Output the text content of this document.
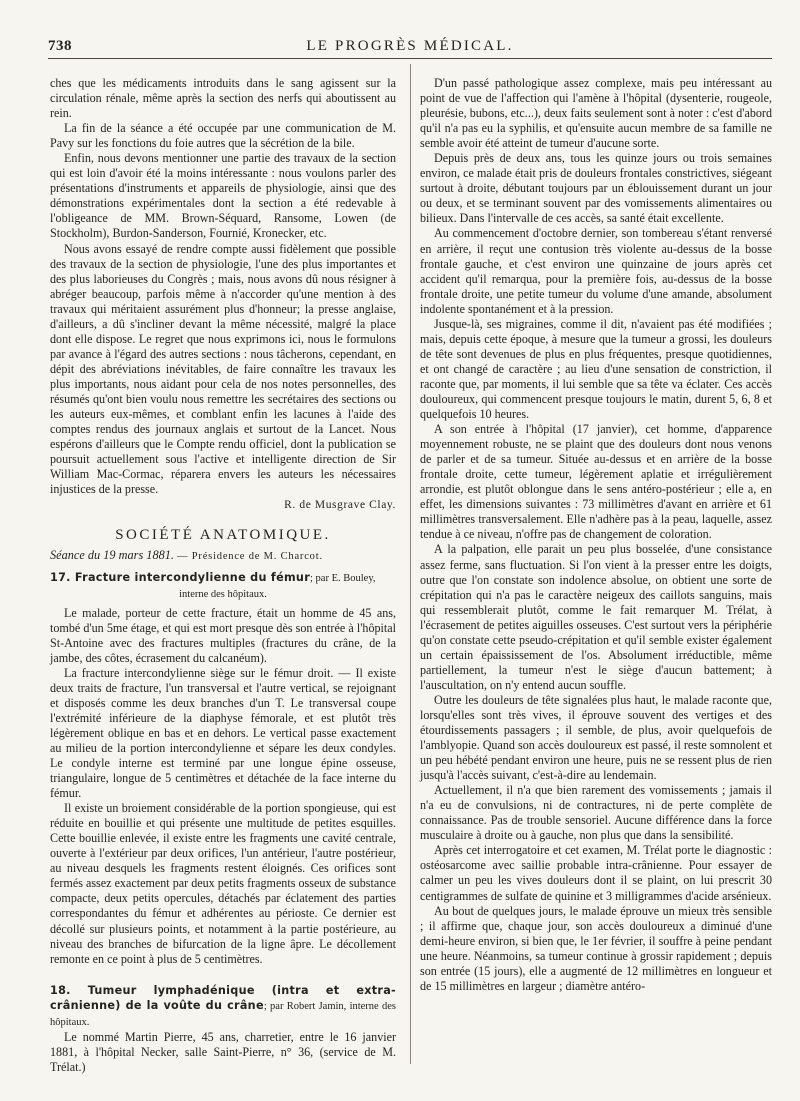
738	LE PROGRÈS MÉDICAL.

ches que les médicaments introduits dans le sang agissent sur la circulation rénale, même après la section des nerfs qui aboutissent au rein.

La fin de la séance a été occupée par une communication de M. Pavy sur les fonctions du foie autres que la sécrétion de la bile.

Enfin, nous devons mentionner une partie des travaux de la section qui est loin d'avoir été la moins intéressante : nous voulons parler des présentations d'instruments et appareils de physiologie, ainsi que des démonstrations expérimentales dont la section a été redevable à l'obligeance de MM. Brown-Séquard, Ransome, Lowen (de Stockholm), Burdon-Sanderson, Fournié, Kronecker, etc.

Nous avons essayé de rendre compte aussi fidèlement que possible des travaux de la section de physiologie, l'une des plus importantes et des plus laborieuses du Congrès ; mais, nous avons dû nous résigner à abréger beaucoup, parfois même à n'accorder qu'une mention à des travaux qui méritaient assurément plus d'honneur; la presse anglaise, d'ailleurs, a dû s'incliner devant la même nécessité, malgré la place dont elle dispose. Le regret que nous exprimons ici, nous le formulons par avance à l'égard des autres sections : nous tâcherons, cependant, en dépit des abréviations inévitables, de faire connaître les travaux les plus importants, nous aidant pour cela de nos notes personnelles, des résumés qu'ont bien voulu nous remettre les secrétaires des sections ou les auteurs eux-mêmes, et comblant enfin les lacunes à l'aide des comptes rendus des journaux anglais et surtout de la Lancet. Nous espérons d'ailleurs que le Compte rendu officiel, dont la publication se poursuit actuellement sous l'active et intelligente direction de Sir William Mac-Cormac, réparera envers les auteurs les nécessaires injustices de la presse.

R. de Musgrave Clay.
SOCIÉTÉ ANATOMIQUE.

Séance du 19 mars 1881. — Présidence de M. Charcot.

17. Fracture intercondylienne du fémur; par E. Bouley,

interne des hôpitaux.

Le malade, porteur de cette fracture, était un homme de 45 ans, tombé d'un 5me étage, et qui est mort presque dès son entrée à l'hôpital St-Antoine avec des fractures multiples (fractures du crâne, de la jambe, des côtes, écrasement du calcanéum).

La fracture intercondylienne siège sur le fémur droit. — Il existe deux traits de fracture, l'un transversal et l'autre vertical, se rejoignant et disposés comme les deux branches d'un T. Le transversal coupe l'extrémité inférieure de la diaphyse fémorale, et est plutôt très légèrement oblique en bas et en dehors. Le vertical passe exactement au milieu de la portion intercondylienne et sépare les deux condyles. Le condyle interne est terminé par une longue épine osseuse, triangulaire, longue de 5 centimètres et détachée de la face interne du fémur.

Il existe un broiement considérable de la portion spongieuse, qui est réduite en bouillie et qui présente une multitude de petites esquilles. Cette bouillie enlevée, il existe entre les fragments une cavité centrale, ouverte à l'extérieur par deux orifices, l'un antérieur, l'autre postérieur, au niveau desquels les fragments restent éloignés. Ces orifices sont fermés assez exactement par deux petits fragments osseux de substance compacte, deux petits opercules, détachés par éclatement des parties correspondantes du fémur et adhérentes au périoste. Ce dernier est décollé sur plusieurs points, et notamment à la partie postérieure, au niveau des branches de bifurcation de la ligne âpre. Le décollement remonte en ce point à plus de 5 centimètres.

18. Tumeur lymphadénique (intra et extra-crânienne) de la voûte du crâne; par Robert Jamin, interne des hôpitaux.

Le nommé Martin Pierre, 45 ans, charretier, entre le 16 janvier 1881, à l'hôpital Necker, salle Saint-Pierre, n° 36, (service de M. Trélat.)

D'un passé pathologique assez complexe, mais peu intéressant au point de vue de l'affection qui l'amène à l'hôpital (dysenterie, rougeole, pleurésie, bubons, etc...), deux faits seulement sont à noter : c'est d'abord qu'il n'a pas eu la syphilis, et qu'ensuite aucun membre de sa famille ne semble avoir été atteint de tumeur d'aucune sorte.

Depuis près de deux ans, tous les quinze jours ou trois semaines environ, ce malade était pris de douleurs frontales constrictives, siégeant surtout à droite, débutant toujours par un éblouissement durant un jour ou deux, et se terminant souvent par des vomissements alimentaires ou bilieux. Dans l'intervalle de ces accès, sa santé était excellente.

Au commencement d'octobre dernier, son tombereau s'étant renversé en arrière, il reçut une contusion très violente au-dessus de la bosse frontale gauche, et c'est environ une quinzaine de jours après cet accident qu'il remarqua, pour la première fois, au-dessus de la bosse frontale droite, une petite tumeur du volume d'une amande, absolument indolente spontanément et à la pression.

Jusque-là, ses migraines, comme il dit, n'avaient pas été modifiées ; mais, depuis cette époque, à mesure que la tumeur a grossi, les douleurs de tête sont devenues de plus en plus fréquentes, presque quotidiennes, et ont changé de caractère ; au lieu d'une sensation de constriction, il raconte que, par moments, il lui semble que sa tête va éclater. Ces accès douloureux, qui commencent presque toujours le matin, durent 5, 6, 8 et quelquefois 10 heures.

A son entrée à l'hôpital (17 janvier), cet homme, d'apparence moyennement robuste, ne se plaint que des douleurs dont nous venons de parler et de sa tumeur. Située au-dessus et en arrière de la bosse frontale droite, cette tumeur, légèrement aplatie et irrégulièrement arrondie, est plutôt oblongue dans le sens antéro-postérieur ; elle a, en effet, les dimensions suivantes : 73 millimètres d'avant en arrière et 61 millimètres transversalement. Elle n'adhère pas à la peau, laquelle, assez tendue à ce niveau, n'offre pas de changement de coloration.

A la palpation, elle parait un peu plus bosselée, d'une consistance assez ferme, sans fluctuation. Si l'on vient à la presser entre les doigts, outre que l'on constate son indolence absolue, on obtient une sorte de crépitation qui n'a pas le caractère neigeux des caillots sanguins, mais qui ressemblerait plutôt, comme le fait remarquer M. Trélat, à l'écrasement de petites aiguilles osseuses. C'est surtout vers la périphérie qu'on constate cette pseudo-crépitation et qu'il semble exister également un certain épaississement de l'os. Absolument irréductible, même partiellement, la tumeur n'est le siège d'aucun battement; à l'auscultation, on n'y entend aucun souffle.

Outre les douleurs de tête signalées plus haut, le malade raconte que, lorsqu'elles sont très vives, il éprouve souvent des vertiges et des étourdissements passagers ; il semble, de plus, avoir quelquefois de l'amblyopie. Quand son accès douloureux est passé, il reste somnolent et un peu hébété pendant environ une heure, puis ne se ressent plus de rien jusqu'à l'accès suivant, c'est-à-dire au lendemain.

Actuellement, il n'a que bien rarement des vomissements ; jamais il n'a eu de convulsions, ni de contractures, ni de perte complète de connaissance. Pas de trouble sensoriel. Aucune différence dans la force musculaire à droite ou à gauche, non plus que dans la sensibilité.

Après cet interrogatoire et cet examen, M. Trélat porte le diagnostic : ostéosarcome avec saillie probable intra-crânienne. Pour essayer de calmer un peu les vives douleurs dont il se plaint, on lui prescrit 30 centigrammes de sulfate de quinine et 3 milligrammes d'acide arsénieux.

Au bout de quelques jours, le malade éprouve un mieux très sensible ; il affirme que, chaque jour, son accès douloureux a diminué d'une demi-heure environ, si bien que, le 1er février, il souffre à peine pendant une heure. Néanmoins, sa tumeur continue à grossir rapidement ; depuis son entrée (15 jours), elle a augmenté de 12 millimètres en longueur et de 15 millimètres en largeur ; diamètre antéro-
